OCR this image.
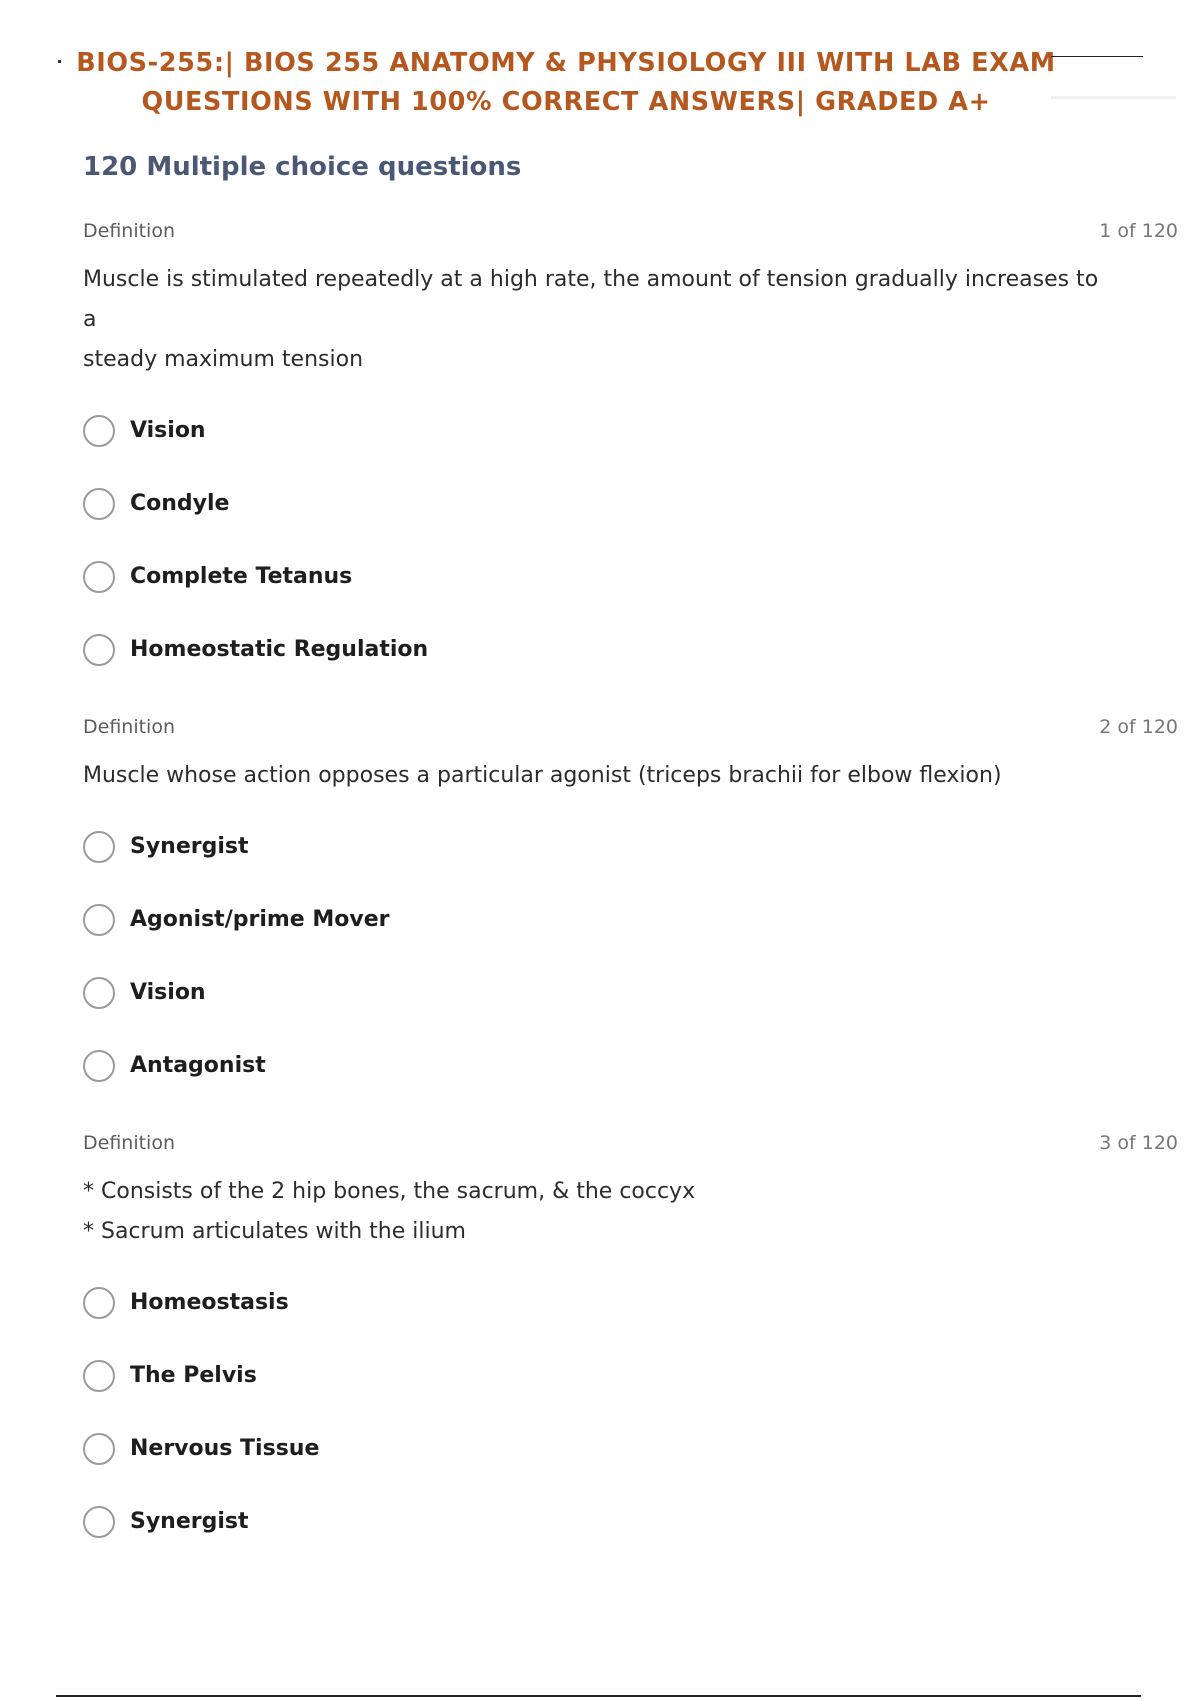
BIOS-255:| BIOS 255 ANATOMY & PHYSIOLOGY III WITH LAB EXAM
QUESTIONS WITH 100% CORRECT ANSWERS| GRADED A+
120 Multiple choice questions
Definition	1 of 120
Muscle is stimulated repeatedly at a high rate, the amount of tension gradually increases to a
steady maximum tension
Vision
Condyle
Complete Tetanus
Homeostatic Regulation
Definition	2 of 120
Muscle whose action opposes a particular agonist (triceps brachii for elbow flexion)
Synergist
Agonist/prime Mover
Vision
Antagonist
Definition	3 of 120
* Consists of the 2 hip bones, the sacrum, & the coccyx
* Sacrum articulates with the ilium
Homeostasis
The Pelvis
Nervous Tissue
Synergist
